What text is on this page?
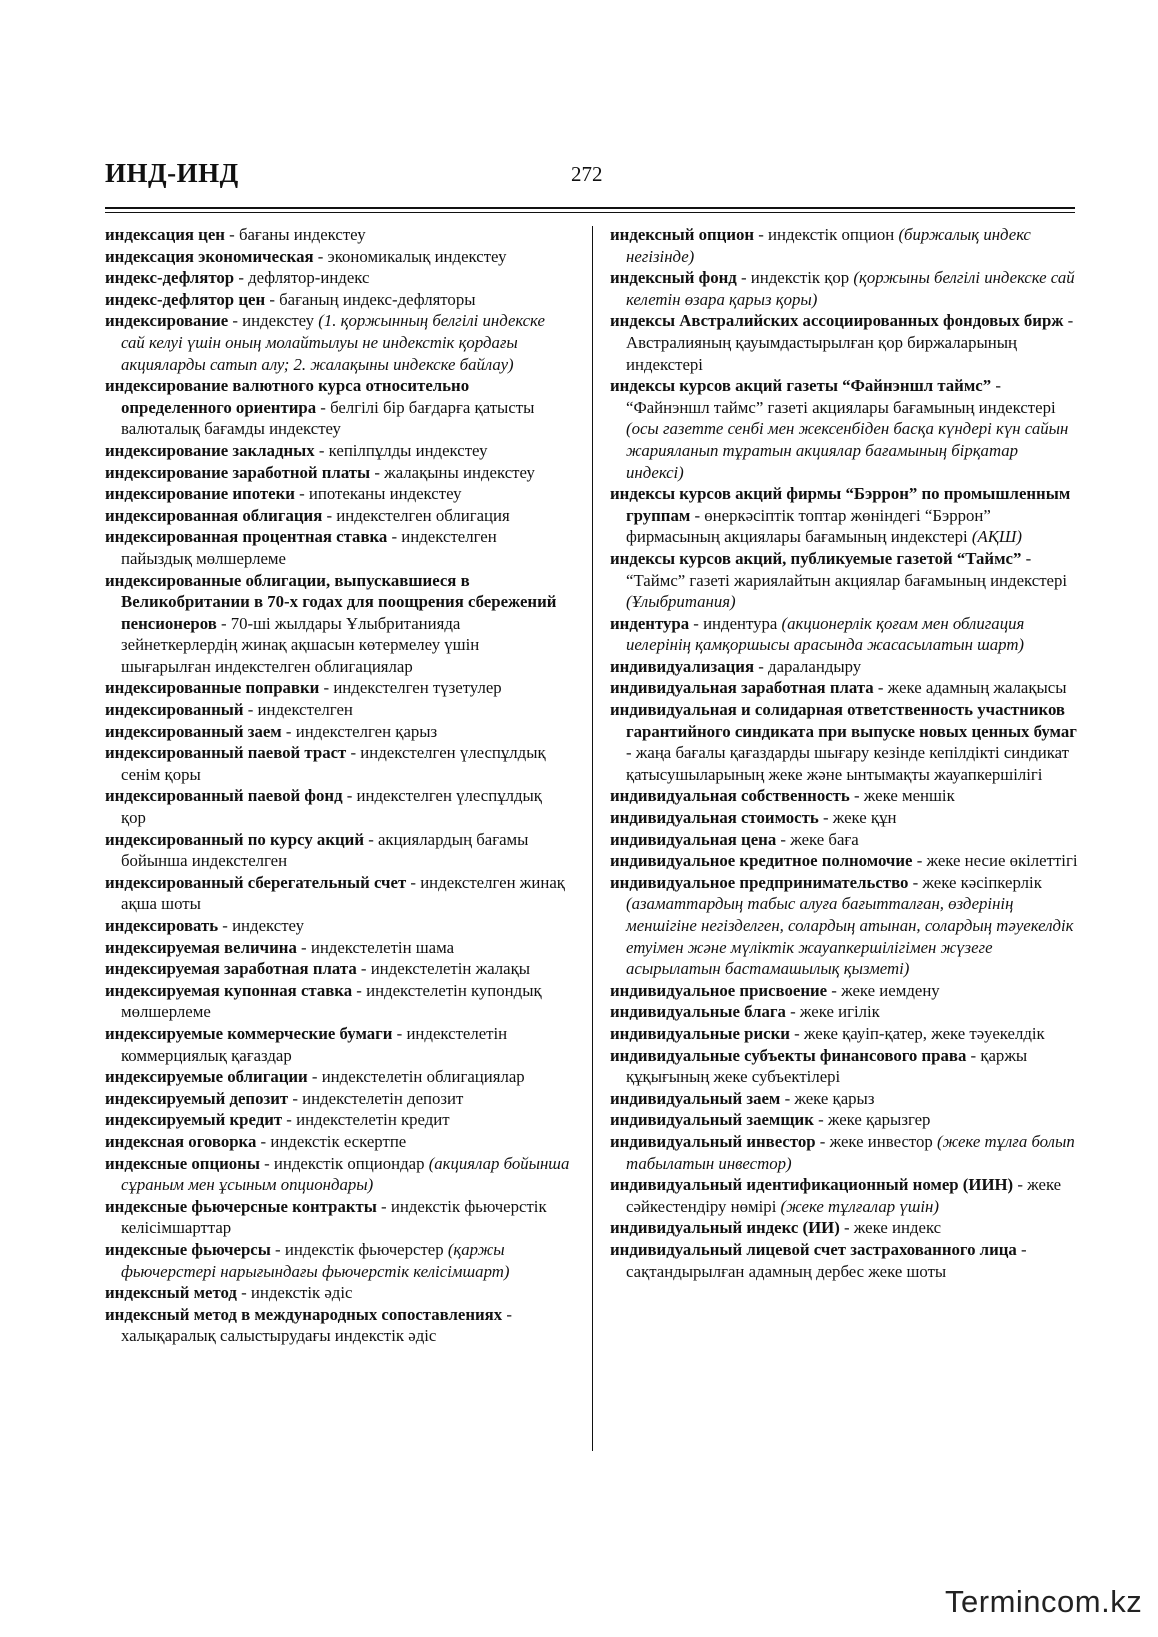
ИНД-ИНД	272

индексация цен - бағаны индекстеу

индексация экономическая - экономикалық индекстеу

индекс-дефлятор - дефлятор-индекс

индекс-дефлятор цен - бағаның индекс-дефляторы

индексирование - индекстеу (1. қоржынның белгілі индекске сай келуі үшін оның молайтылуы не индекстік қордағы акцияларды сатып алу; 2. жалақыны индекске байлау)

индексирование валютного курса относительно определенного ориентира - белгілі бір бағдарға қатысты валюталық бағамды индекстеу

индексирование закладных - кепілпұлды индекстеу

индексирование заработной платы - жалақыны индекстеу

индексирование ипотеки - ипотеканы индекстеу

индексированная облигация - индекстелген облигация

индексированная процентная ставка - индекстелген пайыздық мөлшерлеме

индексированные облигации, выпускавшиеся в Великобритании в 70-х годах для поощрения сбережений пенсионеров - 70-ші жылдары Ұлыбританияда зейнеткерлердің жинақ ақшасын көтермелеу үшін шығарылған индекстелген облигациялар

индексированные поправки - индекстелген түзетулер

индексированный - индекстелген

индексированный заем - индекстелген қарыз

индексированный паевой траст - индекстелген үлеспұлдық сенім қоры

индексированный паевой фонд - индекстелген үлеспұлдық қор

индексированный по курсу акций - акциялардың бағамы бойынша индекстелген

индексированный сберегательный счет - индекстелген жинақ ақша шоты

индексировать - индекстеу

индексируемая величина - индекстелетін шама

индексируемая заработная плата - индекстелетін жалақы

индексируемая купонная ставка - индекстелетін купондық мөлшерлеме

индексируемые коммерческие бумаги - индекстелетін коммерциялық қағаздар

индексируемые облигации - индекстелетін облигациялар

индексируемый депозит - индекстелетін депозит

индексируемый кредит - индекстелетін кредит

индексная оговорка - индекстік ескертпе

индексные опционы - индекстік опциондар (акциялар бойынша сұраным мен ұсыным опциондары)

индексные фьючерсные контракты - индекстік фьючерстік келісімшарттар

индексные фьючерсы - индекстік фьючерстер (қаржы фьючерстері нарығындағы фьючерстік келісімшарт)

индексный метод - индекстік әдіс

индексный метод в международных сопоставлениях - халықаралық салыстырудағы индекстік әдіс

индексный опцион - индекстік опцион (биржалық индекс негізінде)

индексный фонд - индекстік қор (қоржыны белгілі индекске сай келетін өзара қарыз қоры)

индексы Австралийских ассоциированных фондовых бирж - Австралияның қауымдастырылған қор биржаларының индекстері

индексы курсов акций газеты “Файнэншл таймс” - “Файнэншл таймс” газеті акциялары бағамының индекстері (осы газетте сенбі мен жексенбіден басқа күндері күн сайын жарияланып тұратын акциялар бағамының бірқатар индексі)

индексы курсов акций фирмы “Бэррон” по промышленным группам - өнеркәсіптік топтар жөніндегі “Бэррон” фирмасының акциялары бағамының индекстері (АҚШ)

индексы курсов акций, публикуемые газетой “Таймс” - “Таймс” газеті жариялайтын акциялар бағамының индекстері (Ұлыбритания)

индентура - индентура (акционерлік қоғам мен облигация иелерінің қамқоршысы арасында жасасылатын шарт)

индивидуализация - дараландыру

индивидуальная заработная плата - жеке адамның жалақысы

индивидуальная и солидарная ответственность участников гарантийного синдиката при выпуске новых ценных бумаг - жаңа бағалы қағаздарды шығару кезінде кепілдікті синдикат қатысушыларының жеке және ынтымақты жауапкершілігі

индивидуальная собственность - жеке меншік

индивидуальная стоимость - жеке құн

индивидуальная цена - жеке баға

индивидуальное кредитное полномочие - жеке несие өкілеттігі

индивидуальное предпринимательство - жеке кәсіпкерлік (азаматтардың табыс алуға бағытталған, өздерінің меншігіне негізделген, солардың атынан, солардың тәуекелдік етуімен және мүліктік жауапкершілігімен жүзеге асырылатын бастамашылық қызметі)

индивидуальное присвоение - жеке иемдену

индивидуальные блага - жеке игілік

индивидуальные риски - жеке қауіп-қатер, жеке тәуекелдік

индивидуальные субъекты финансового права - қаржы құқығының жеке субъектілері

индивидуальный заем - жеке қарыз

индивидуальный заемщик - жеке қарызгер

индивидуальный инвестор - жеке инвестор (жеке тұлға болып табылатын инвестор)

индивидуальный идентификационный номер (ИИН) - жеке сәйкестендіру нөмірі (жеке тұлғалар үшін)

индивидуальный индекс (ИИ) - жеке индекс

индивидуальный лицевой счет застрахованного лица - сақтандырылған адамның дербес жеке шоты

Termincom.kz
